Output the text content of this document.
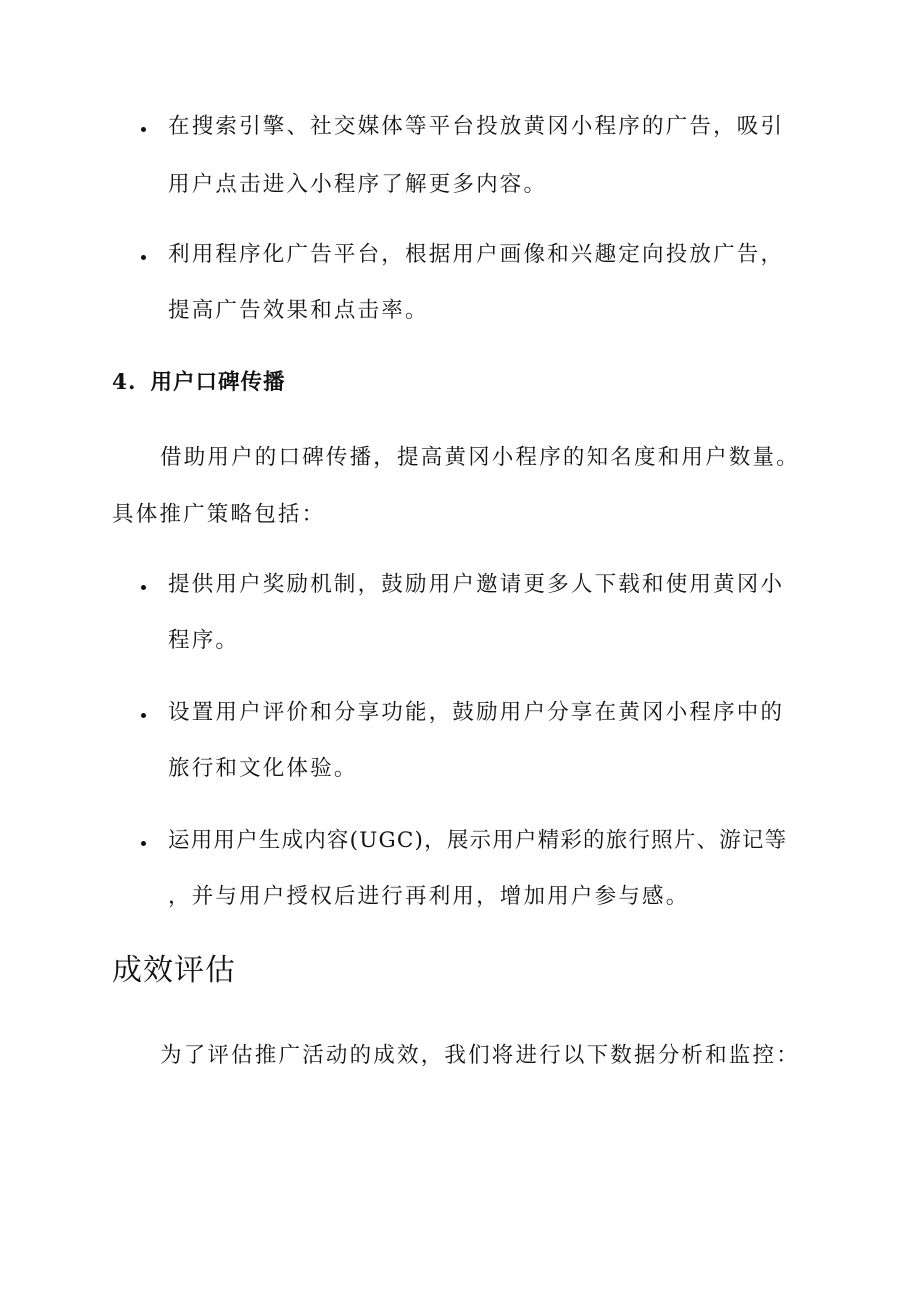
在搜索引擎、社交媒体等平台投放黄冈小程序的广告，吸引
用户点击进入小程序了解更多内容。
利用程序化广告平台，根据用户画像和兴趣定向投放广告，
提高广告效果和点击率。
4. 用户口碑传播
借助用户的口碑传播，提高黄冈小程序的知名度和用户数量。
具体推广策略包括：
提供用户奖励机制，鼓励用户邀请更多人下载和使用黄冈小
程序。
设置用户评价和分享功能，鼓励用户分享在黄冈小程序中的
旅行和文化体验。
运用用户生成内容(UGC)，展示用户精彩的旅行照片、游记等
，并与用户授权后进行再利用，增加用户参与感。
成效评估
为了评估推广活动的成效，我们将进行以下数据分析和监控：
